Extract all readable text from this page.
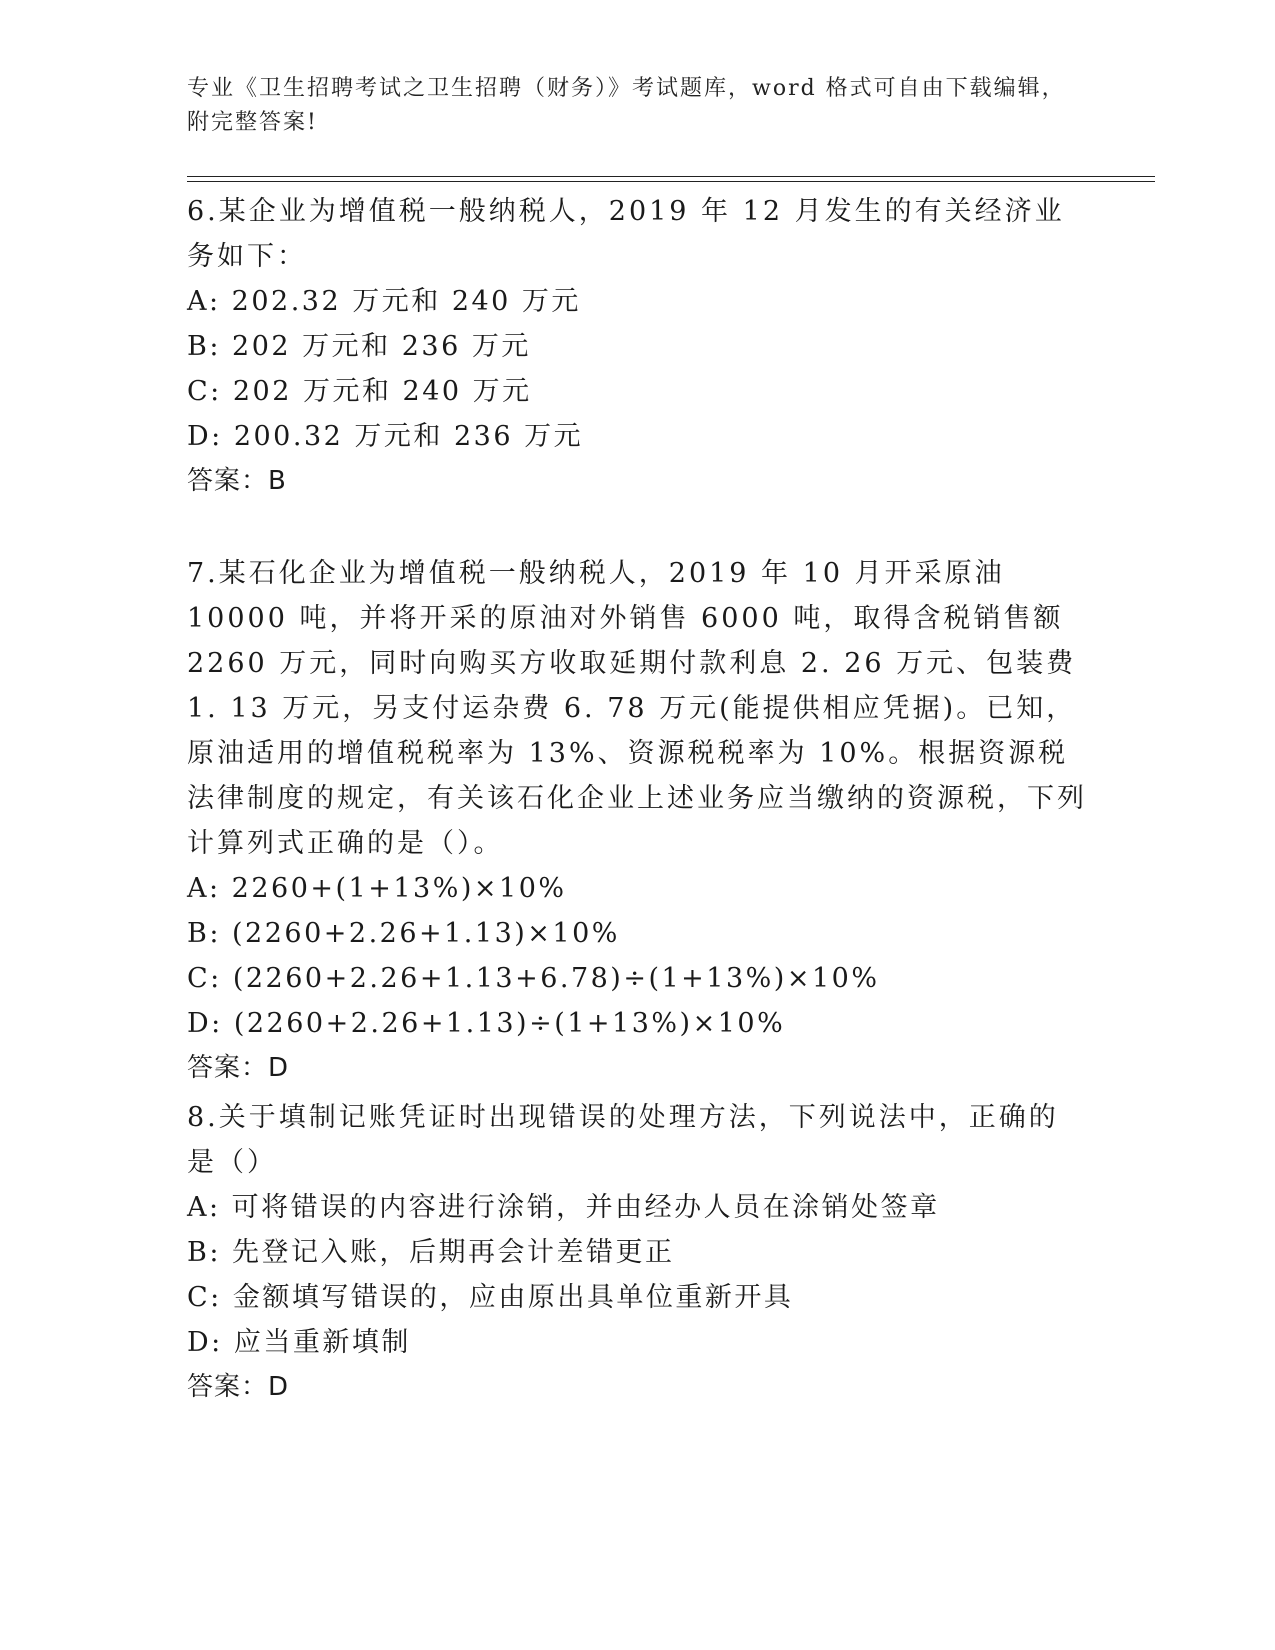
专业《卫生招聘考试之卫生招聘（财务）》考试题库，word 格式可自由下载编辑，附完整答案!

6.某企业为增值税一般纳税人，2019 年 12 月发生的有关经济业务如下：

A: 202.32 万元和 240 万元

B: 202 万元和 236 万元

C: 202 万元和 240 万元

D: 200.32 万元和 236 万元

答案：B

7.某石化企业为增值税一般纳税人，2019 年 10 月开采原油 10000 吨，并将开采的原油对外销售 6000 吨，取得含税销售额 2260 万元，同时向购买方收取延期付款利息 2. 26 万元、包装费 1. 13 万元，另支付运杂费 6. 78 万元(能提供相应凭据)。已知，原油适用的增值税税率为 13%、资源税税率为 10%。根据资源税法律制度的规定，有关该石化企业上述业务应当缴纳的资源税，下列计算列式正确的是（）。

A: 2260+(1+13%)×10%

B: (2260+2.26+1.13)×10%

C: (2260+2.26+1.13+6.78)÷(1+13%)×10%

D: (2260+2.26+1.13)÷(1+13%)×10%

答案：D

8.关于填制记账凭证时出现错误的处理方法，下列说法中，正确的是（）

A: 可将错误的内容进行涂销，并由经办人员在涂销处签章

B: 先登记入账，后期再会计差错更正

C: 金额填写错误的，应由原出具单位重新开具

D: 应当重新填制

答案：D
